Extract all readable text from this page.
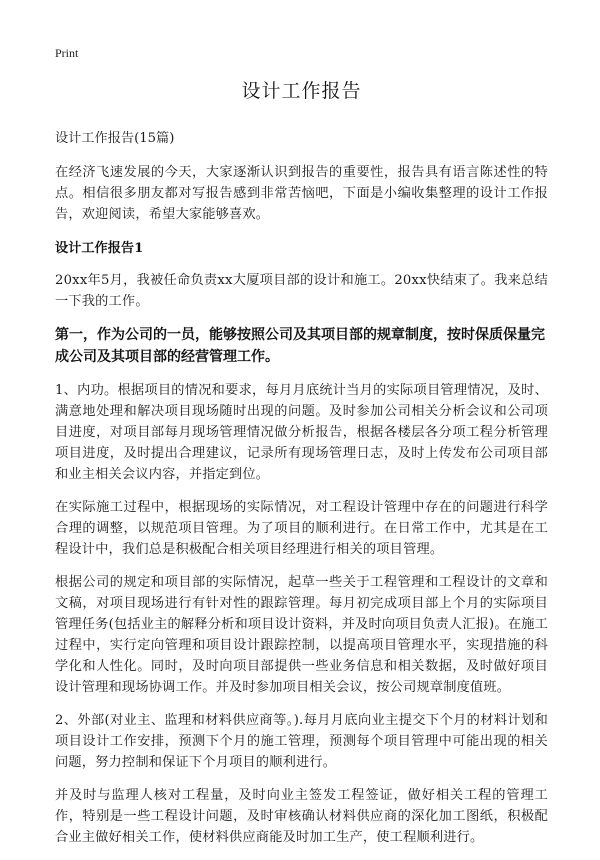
Print
设计工作报告
设计工作报告(15篇)

在经济飞速发展的今天，大家逐渐认识到报告的重要性，报告具有语言陈述性的特点。相信很多朋友都对写报告感到非常苦恼吧，下面是小编收集整理的设计工作报告，欢迎阅读，希望大家能够喜欢。

设计工作报告1

20xx年5月，我被任命负责xx大厦项目部的设计和施工。20xx快结束了。我来总结一下我的工作。

第一，作为公司的一员，能够按照公司及其项目部的规章制度，按时保质保量完成公司及其项目部的经营管理工作。

1、内功。根据项目的情况和要求，每月月底统计当月的实际项目管理情况，及时、满意地处理和解决项目现场随时出现的问题。及时参加公司相关分析会议和公司项目进度，对项目部每月现场管理情况做分析报告，根据各楼层各分项工程分析管理项目进度，及时提出合理建议，记录所有现场管理日志，及时上传发布公司项目部和业主相关会议内容，并指定到位。

在实际施工过程中，根据现场的实际情况，对工程设计管理中存在的问题进行科学合理的调整，以规范项目管理。为了项目的顺利进行。在日常工作中，尤其是在工程设计中，我们总是积极配合相关项目经理进行相关的项目管理。

根据公司的规定和项目部的实际情况，起草一些关于工程管理和工程设计的文章和文稿，对项目现场进行有针对性的跟踪管理。每月初完成项目部上个月的实际项目管理任务(包括业主的解释分析和项目设计资料，并及时向项目负责人汇报)。在施工过程中，实行定向管理和项目设计跟踪控制，以提高项目管理水平，实现措施的科学化和人性化。同时，及时向项目部提供一些业务信息和相关数据，及时做好项目设计管理和现场协调工作。并及时参加项目相关会议，按公司规章制度值班。

2、外部(对业主、监理和材料供应商等。).每月月底向业主提交下个月的材料计划和项目设计工作安排，预测下个月的施工管理，预测每个项目管理中可能出现的相关问题，努力控制和保证下个月项目的顺利进行。

并及时与监理人核对工程量，及时向业主签发工程签证，做好相关工程的管理工作，特别是一些工程设计问题，及时审核确认材料供应商的深化加工图纸，积极配合业主做好相关工作，使材料供应商能及时加工生产，使工程顺利进行。
